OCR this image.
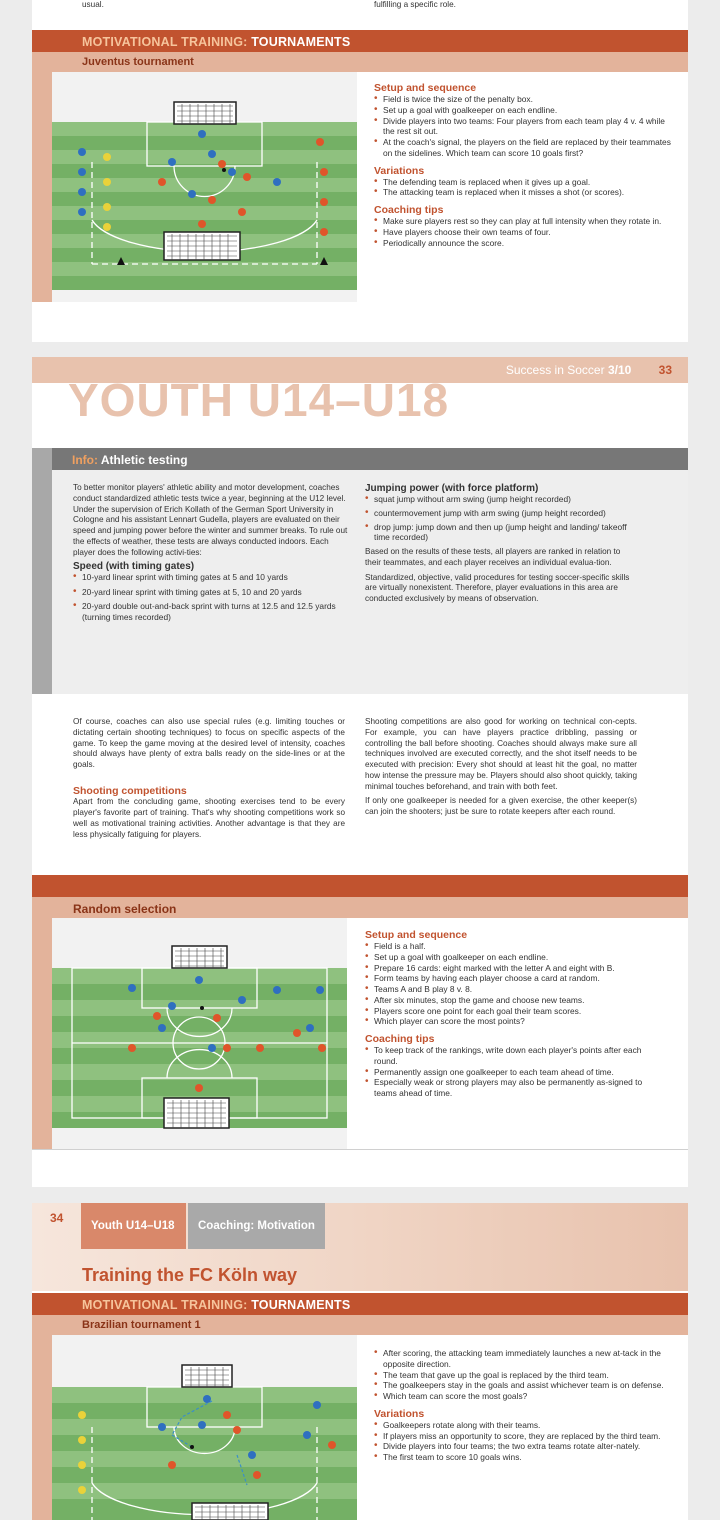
usual.	fulfilling a specific role.
MOTIVATIONAL TRAINING: TOURNAMENTS
Juventus tournament
Setup and sequence
• Field is twice the size of the penalty box.
• Set up a goal with goalkeeper on each endline.
• Divide players into two teams: Four players from each team play 4 v. 4 while the rest sit out.
• At the coach's signal, the players on the field are replaced by their teammates on the sidelines. Which team can score 10 goals first?
Variations
• The defending team is replaced when it gives up a goal.
• The attacking team is replaced when it misses a shot (or scores).
Coaching tips
• Make sure players rest so they can play at full intensity when they rotate in.
• Have players choose their own teams of four.
• Periodically announce the score.
Success in Soccer 3/10 33
YOUTH U14–U18
Info: Athletic testing
To better monitor players' athletic ability and motor development, coaches conduct standardized athletic tests twice a year, beginning at the U12 level. Under the supervision of Erich Kollath of the German Sport University in Cologne and his assistant Lennart Gudella, players are evaluated on their speed and jumping power before the winter and summer breaks. To rule out the effects of weather, these tests are always conducted indoors. Each player does the following activi-ties:
Speed (with timing gates)
• 10-yard linear sprint with timing gates at 5 and 10 yards
• 20-yard linear sprint with timing gates at 5, 10 and 20 yards
• 20-yard double out-and-back sprint with turns at 12.5 and 12.5 yards (turning times recorded)
Jumping power (with force platform)
• squat jump without arm swing (jump height recorded)
• countermovement jump with arm swing (jump height recorded)
• drop jump: jump down and then up (jump height and landing/ takeoff time recorded)
Based on the results of these tests, all players are ranked in relation to their teammates, and each player receives an individual evalua-tion.
Standardized, objective, valid procedures for testing soccer-specific skills are virtually nonexistent. Therefore, player evaluations in this area are conducted exclusively by means of observation.
Of course, coaches can also use special rules (e.g. limiting touches or dictating certain shooting techniques) to focus on specific aspects of the game. To keep the game moving at the desired level of intensity, coaches should always have plenty of extra balls ready on the side-lines or at the goals.
Shooting competitions
Apart from the concluding game, shooting exercises tend to be every player's favorite part of training. That's why shooting competitions work so well as motivational training activities. Another advantage is that they are less physically fatiguing for players.
Shooting competitions are also good for working on technical con-cepts. For example, you can have players practice dribbling, passing or controlling the ball before shooting. Coaches should always make sure all techniques involved are executed correctly, and the shot itself needs to be executed with precision: Every shot should at least hit the goal, no matter how intense the pressure may be. Players should also shoot quickly, taking minimal touches beforehand, and train with both feet.
If only one goalkeeper is needed for a given exercise, the other keeper(s) can join the shooters; just be sure to rotate keepers after each round.
Random selection
Setup and sequence
• Field is a half.
• Set up a goal with goalkeeper on each endline.
• Prepare 16 cards: eight marked with the letter A and eight with B.
• Form teams by having each player choose a card at random.
• Teams A and B play 8 v. 8.
• After six minutes, stop the game and choose new teams.
• Players score one point for each goal their team scores.
• Which player can score the most points?
Coaching tips
• To keep track of the rankings, write down each player's points after each round.
• Permanently assign one goalkeeper to each team ahead of time.
• Especially weak or strong players may also be permanently as-signed to teams ahead of time.
34
Youth U14–U18	Coaching: Motivation
Training the FC Köln way
MOTIVATIONAL TRAINING: TOURNAMENTS
Brazilian tournament 1
• After scoring, the attacking team immediately launches a new at-tack in the opposite direction.
• The team that gave up the goal is replaced by the third team.
• The goalkeepers stay in the goals and assist whichever team is on defense.
• Which team can score the most goals?
Variations
• Goalkeepers rotate along with their teams.
• If players miss an opportunity to score, they are replaced by the third team.
• Divide players into four teams; the two extra teams rotate alter-nately.
• The first team to score 10 goals wins.
